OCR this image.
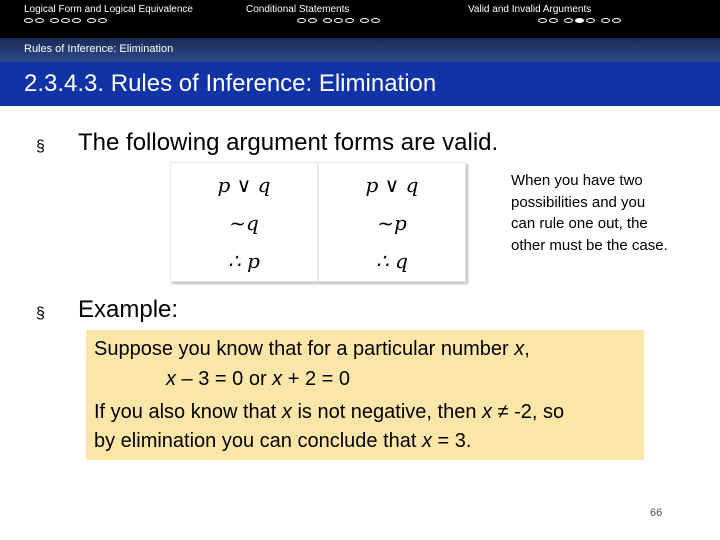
Logical Form and Logical Equivalence	Conditional Statements	Valid and Invalid Arguments
Rules of Inference: Elimination
2.3.4.3. Rules of Inference: Elimination
§ The following argument forms are valid.
p ∨ q
~q
∴ p
p ∨ q
~p
∴ q
When you have two possibilities and you can rule one out, the other must be the case.
§ Example:
Suppose you know that for a particular number x,
x – 3 = 0 or x + 2 = 0
If you also know that x is not negative, then x ≠ -2, so
by elimination you can conclude that x = 3.
66
